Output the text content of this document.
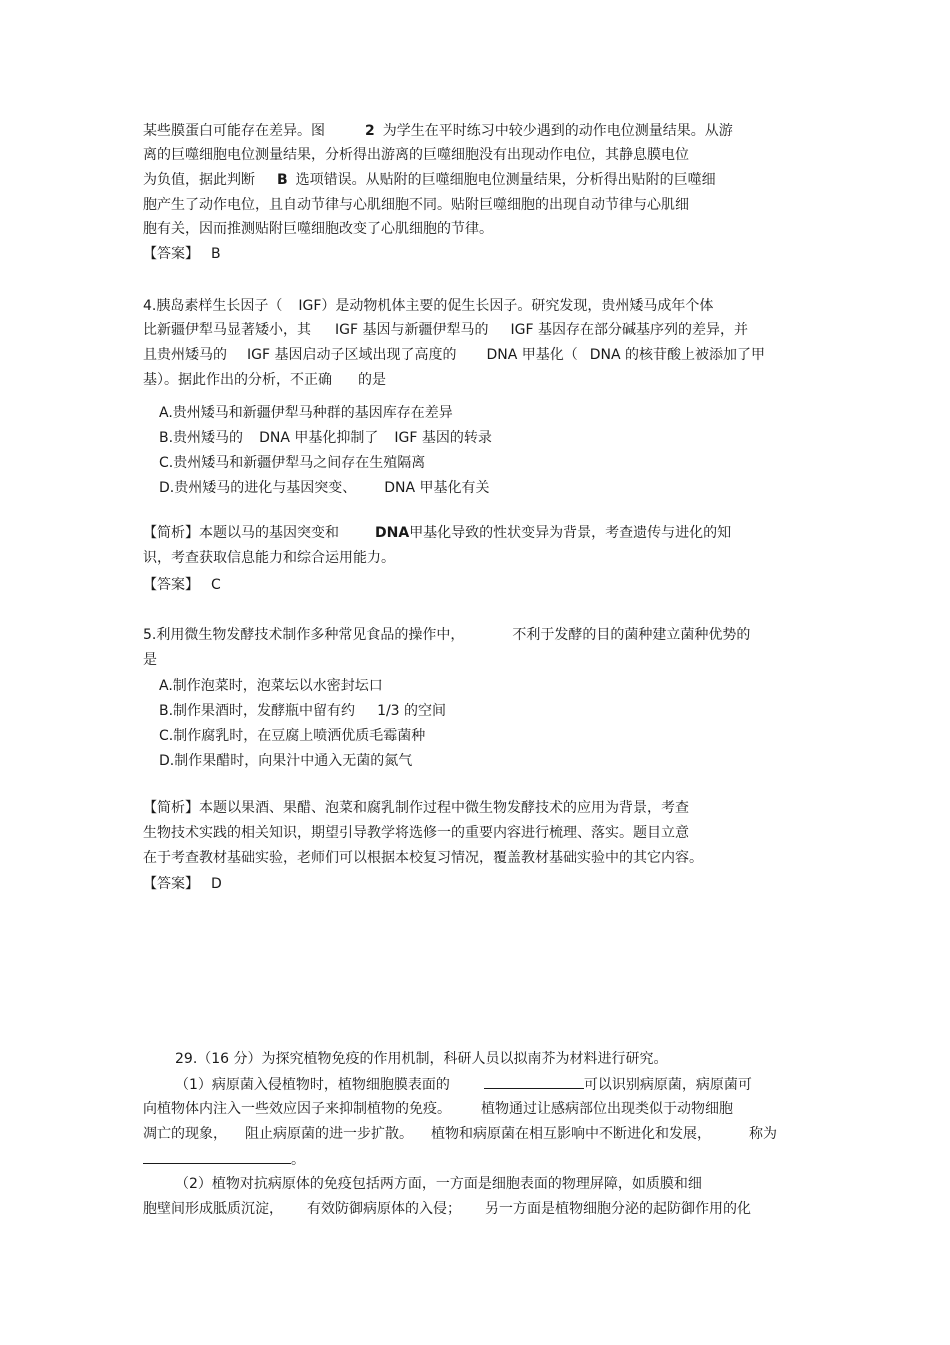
某些膜蛋白可能存在差异。图	2 为学生在平时练习中较少遇到的动作电位测量结果。从游
离的巨噬细胞电位测量结果，分析得出游离的巨噬细胞没有出现动作电位，其静息膜电位
为负值，据此判断 B 选项错误。从贴附的巨噬细胞电位测量结果，分析得出贴附的巨噬细
胞产生了动作电位，且自动节律与心肌细胞不同。贴附巨噬细胞的出现自动节律与心肌细
胞有关，因而推测贴附巨噬细胞改变了心肌细胞的节律。
【答案】 B
4.胰岛素样生长因子（ IGF）是动物机体主要的促生长因子。研究发现，贵州矮马成年个体
比新疆伊犁马显著矮小，其 IGF 基因与新疆伊犁马的 IGF 基因存在部分碱基序列的差异，并
且贵州矮马的 IGF 基因启动子区域出现了高度的 DNA 甲基化（ DNA 的核苷酸上被添加了甲
基）。据此作出的分析，不正确 的是
A.贵州矮马和新疆伊犁马种群的基因库存在差异
B.贵州矮马的 DNA 甲基化抑制了 IGF 基因的转录
C.贵州矮马和新疆伊犁马之间存在生殖隔离
D.贵州矮马的进化与基因突变、 DNA 甲基化有关
【简析】本题以马的基因突变和	DNA甲基化导致的性状变异为背景，考查遗传与进化的知
识，考查获取信息能力和综合运用能力。
【答案】 C
5.利用微生物发酵技术制作多种常见食品的操作中，	不利于发酵的目的菌种建立菌种优势的
是
A.制作泡菜时，泡菜坛以水密封坛口
B.制作果酒时，发酵瓶中留有约 1/3 的空间
C.制作腐乳时，在豆腐上喷洒优质毛霉菌种
D.制作果醋时，向果汁中通入无菌的氮气
【简析】本题以果酒、果醋、泡菜和腐乳制作过程中微生物发酵技术的应用为背景，考查
生物技术实践的相关知识，期望引导教学将选修一的重要内容进行梳理、落实。题目立意
在于考查教材基础实验，老师们可以根据本校复习情况，覆盖教材基础实验中的其它内容。
【答案】 D
29.（16 分）为探究植物免疫的作用机制，科研人员以拟南芥为材料进行研究。
（1）病原菌入侵植物时，植物细胞膜表面的	可以识别病原菌，病原菌可
向植物体内注入一些效应因子来抑制植物的免疫。 植物通过让感病部位出现类似于动物细胞
凋亡的现象， 阻止病原菌的进一步扩散。 植物和病原菌在相互影响中不断进化和发展，	称为
。
（2）植物对抗病原体的免疫包括两方面，一方面是细胞表面的物理屏障，如质膜和细
胞壁间形成胝质沉淀， 有效防御病原体的入侵； 另一方面是植物细胞分泌的起防御作用的化
